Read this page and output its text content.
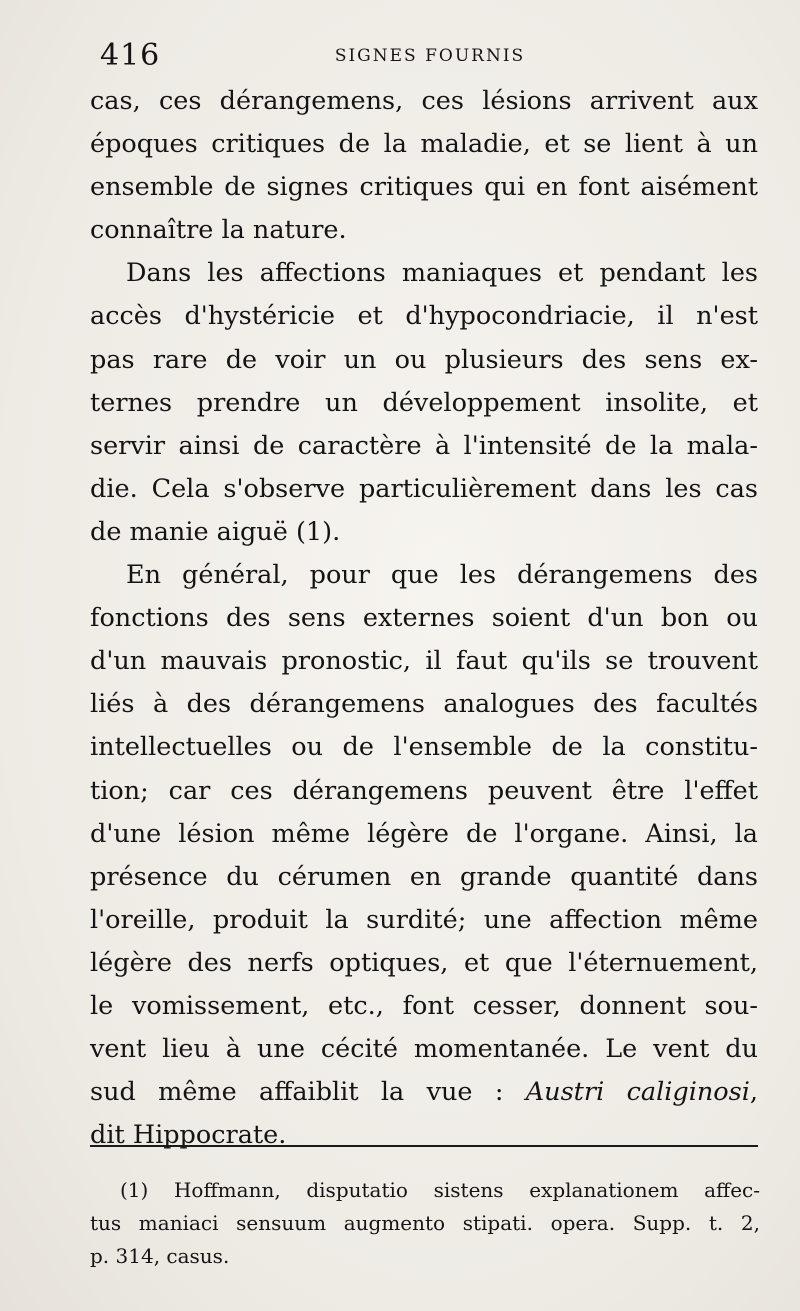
416	SIGNES FOURNIS
cas, ces dérangemens, ces lésions arrivent aux
époques critiques de la maladie, et se lient à un
ensemble de signes critiques qui en font aisément
connaître la nature.
Dans les affections maniaques et pendant les
accès d'hystéricie et d'hypocondriacie, il n'est
pas rare de voir un ou plusieurs des sens ex-
ternes prendre un développement insolite, et
servir ainsi de caractère à l'intensité de la mala-
die. Cela s'observe particulièrement dans les cas
de manie aiguë (1).
En général, pour que les dérangemens des
fonctions des sens externes soient d'un bon ou
d'un mauvais pronostic, il faut qu'ils se trouvent
liés à des dérangemens analogues des facultés
intellectuelles ou de l'ensemble de la constitu-
tion; car ces dérangemens peuvent être l'effet
d'une lésion même légère de l'organe. Ainsi, la
présence du cérumen en grande quantité dans
l'oreille, produit la surdité; une affection même
légère des nerfs optiques, et que l'éternuement,
le vomissement, etc., font cesser, donnent sou-
vent lieu à une cécité momentanée. Le vent du
sud même affaiblit la vue : Austri caliginosi,
dit Hippocrate.
(1) Hoffmann, disputatio sistens explanationem affec-
tus maniaci sensuum augmento stipati. opera. Supp. t. 2,
p. 314, casus.
